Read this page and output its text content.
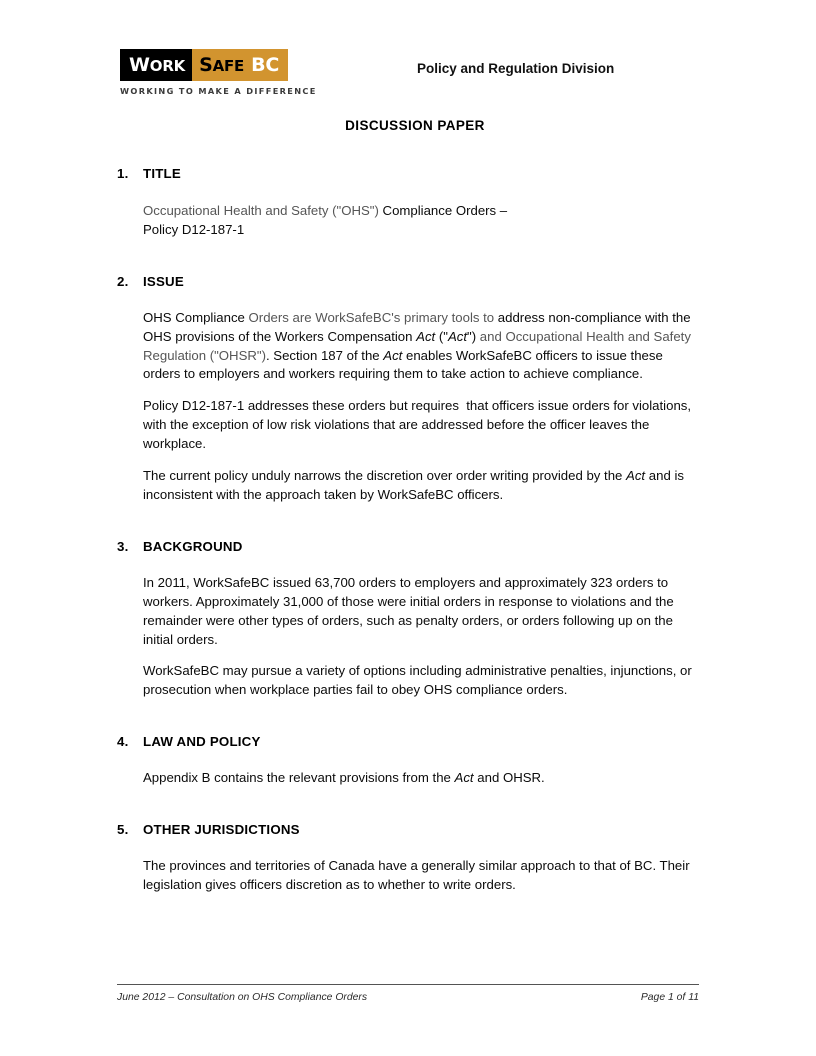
WORK SAFE BC
WORKING TO MAKE A DIFFERENCE
Policy and Regulation Division
DISCUSSION PAPER
1.	TITLE

Occupational Health and Safety ("OHS") Compliance Orders –
Policy D12-187-1

2.	ISSUE

OHS Compliance Orders are WorkSafeBC's primary tools to address non-compliance with the OHS provisions of the Workers Compensation Act ("Act") and Occupational Health and Safety Regulation ("OHSR"). Section 187 of the Act enables WorkSafeBC officers to issue these orders to employers and workers requiring them to take action to achieve compliance.

Policy D12-187-1 addresses these orders but requires  that officers issue orders for violations, with the exception of low risk violations that are addressed before the officer leaves the workplace.

The current policy unduly narrows the discretion over order writing provided by the Act and is inconsistent with the approach taken by WorkSafeBC officers.

3.	BACKGROUND

In 2011, WorkSafeBC issued 63,700 orders to employers and approximately 323 orders to workers. Approximately 31,000 of those were initial orders in response to violations and the remainder were other types of orders, such as penalty orders, or orders following up on the initial orders.

WorkSafeBC may pursue a variety of options including administrative penalties, injunctions, or prosecution when workplace parties fail to obey OHS compliance orders.

4.	LAW AND POLICY

Appendix B contains the relevant provisions from the Act and OHSR.

5.	OTHER JURISDICTIONS

The provinces and territories of Canada have a generally similar approach to that of BC. Their legislation gives officers discretion as to whether to write orders.

June 2012 – Consultation on OHS Compliance Orders	Page 1 of 11
